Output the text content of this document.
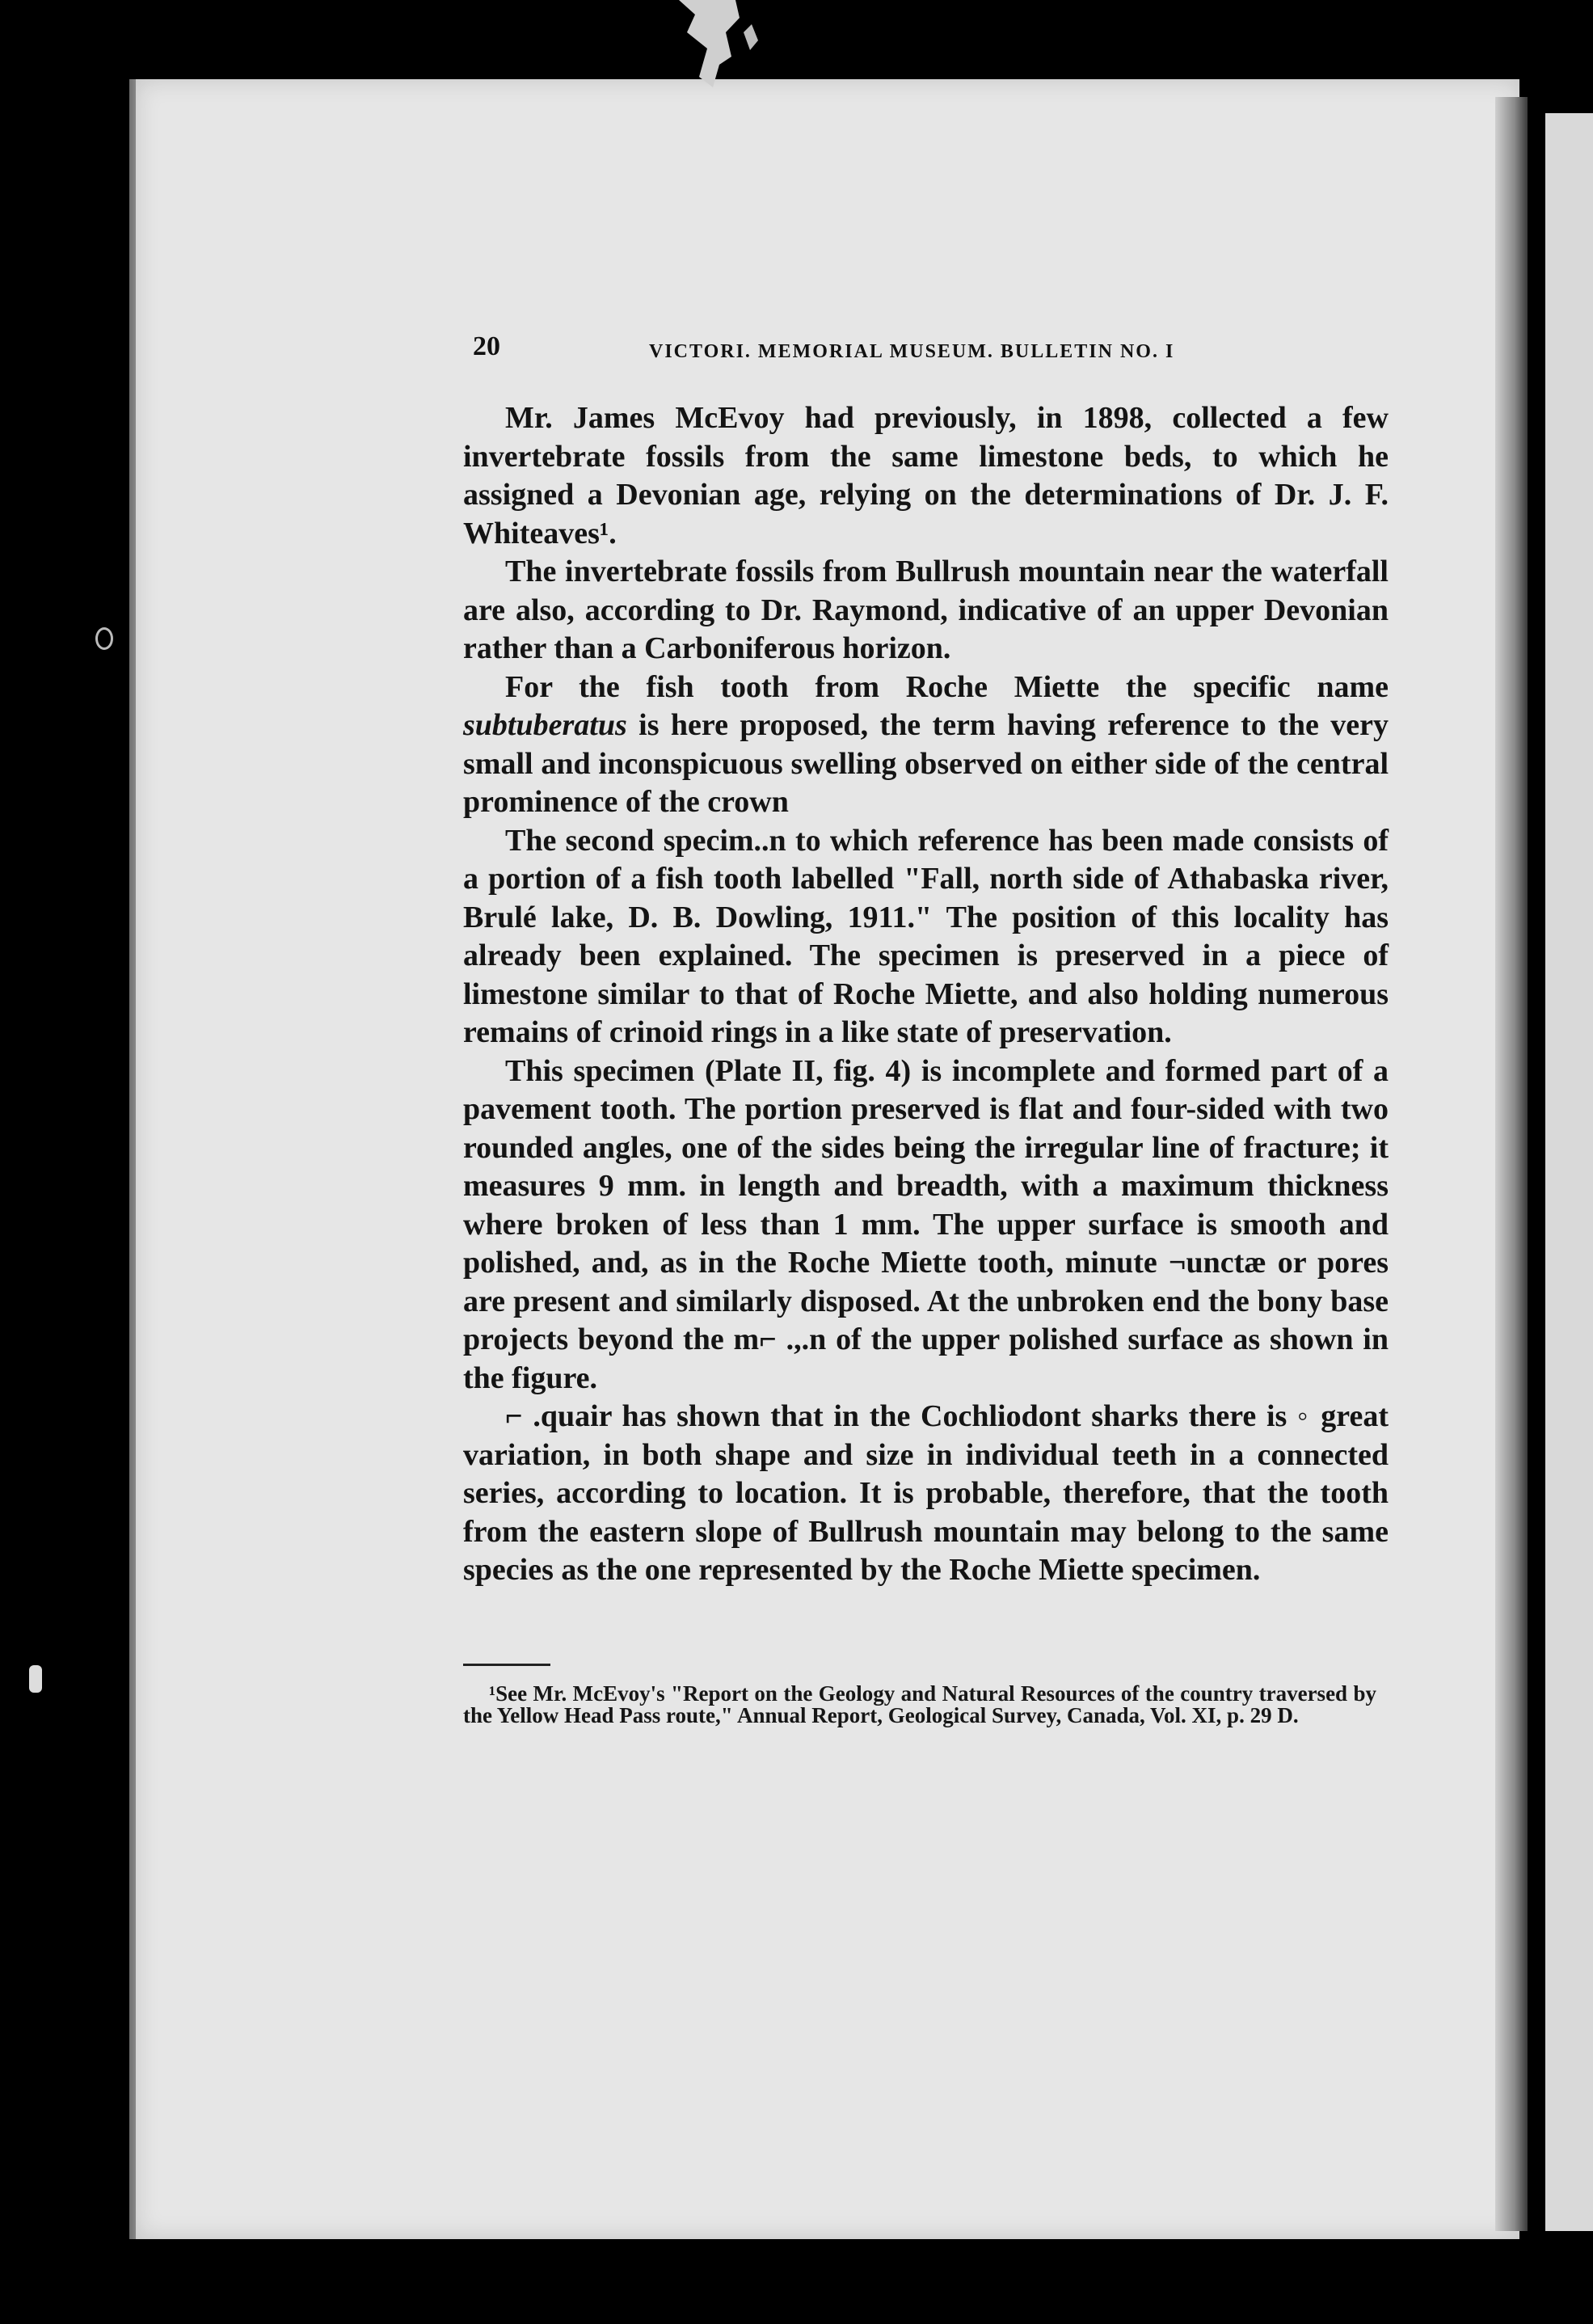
20	VICTORI. MEMORIAL MUSEUM. BULLETIN NO. I

Mr. James McEvoy had previously, in 1898, collected a few invertebrate fossils from the same limestone beds, to which he assigned a Devonian age, relying on the determinations of Dr. J. F. Whiteaves¹.

The invertebrate fossils from Bullrush mountain near the waterfall are also, according to Dr. Raymond, indicative of an upper Devonian rather than a Carboniferous horizon.

For the fish tooth from Roche Miette the specific name subtuberatus is here proposed, the term having reference to the very small and inconspicuous swelling observed on either side of the central prominence of the crown

The second specim..n to which reference has been made consists of a portion of a fish tooth labelled "Fall, north side of Athabaska river, Brulé lake, D. B. Dowling, 1911." The position of this locality has already been explained. The specimen is preserved in a piece of limestone similar to that of Roche Miette, and also holding numerous remains of crinoid rings in a like state of preservation.

This specimen (Plate II, fig. 4) is incomplete and formed part of a pavement tooth. The portion preserved is flat and four-sided with two rounded angles, one of the sides being the irregular line of fracture; it measures 9 mm. in length and breadth, with a maximum thickness where broken of less than 1 mm. The upper surface is smooth and polished, and, as in the Roche Miette tooth, minute ¬unctæ or pores are present and similarly disposed. At the unbroken end the bony base projects beyond the m⌐ .,.n of the upper polished surface as shown in the figure.

⌐ .quair has shown that in the Cochliodont sharks there is ◦ great variation, in both shape and size in individual teeth in a connected series, according to location. It is probable, therefore, that the tooth from the eastern slope of Bullrush mountain may belong to the same species as the one represented by the Roche Miette specimen.

¹See Mr. McEvoy's "Report on the Geology and Natural Resources of the country traversed by the Yellow Head Pass route," Annual Report, Geological Survey, Canada, Vol. XI, p. 29 D.
